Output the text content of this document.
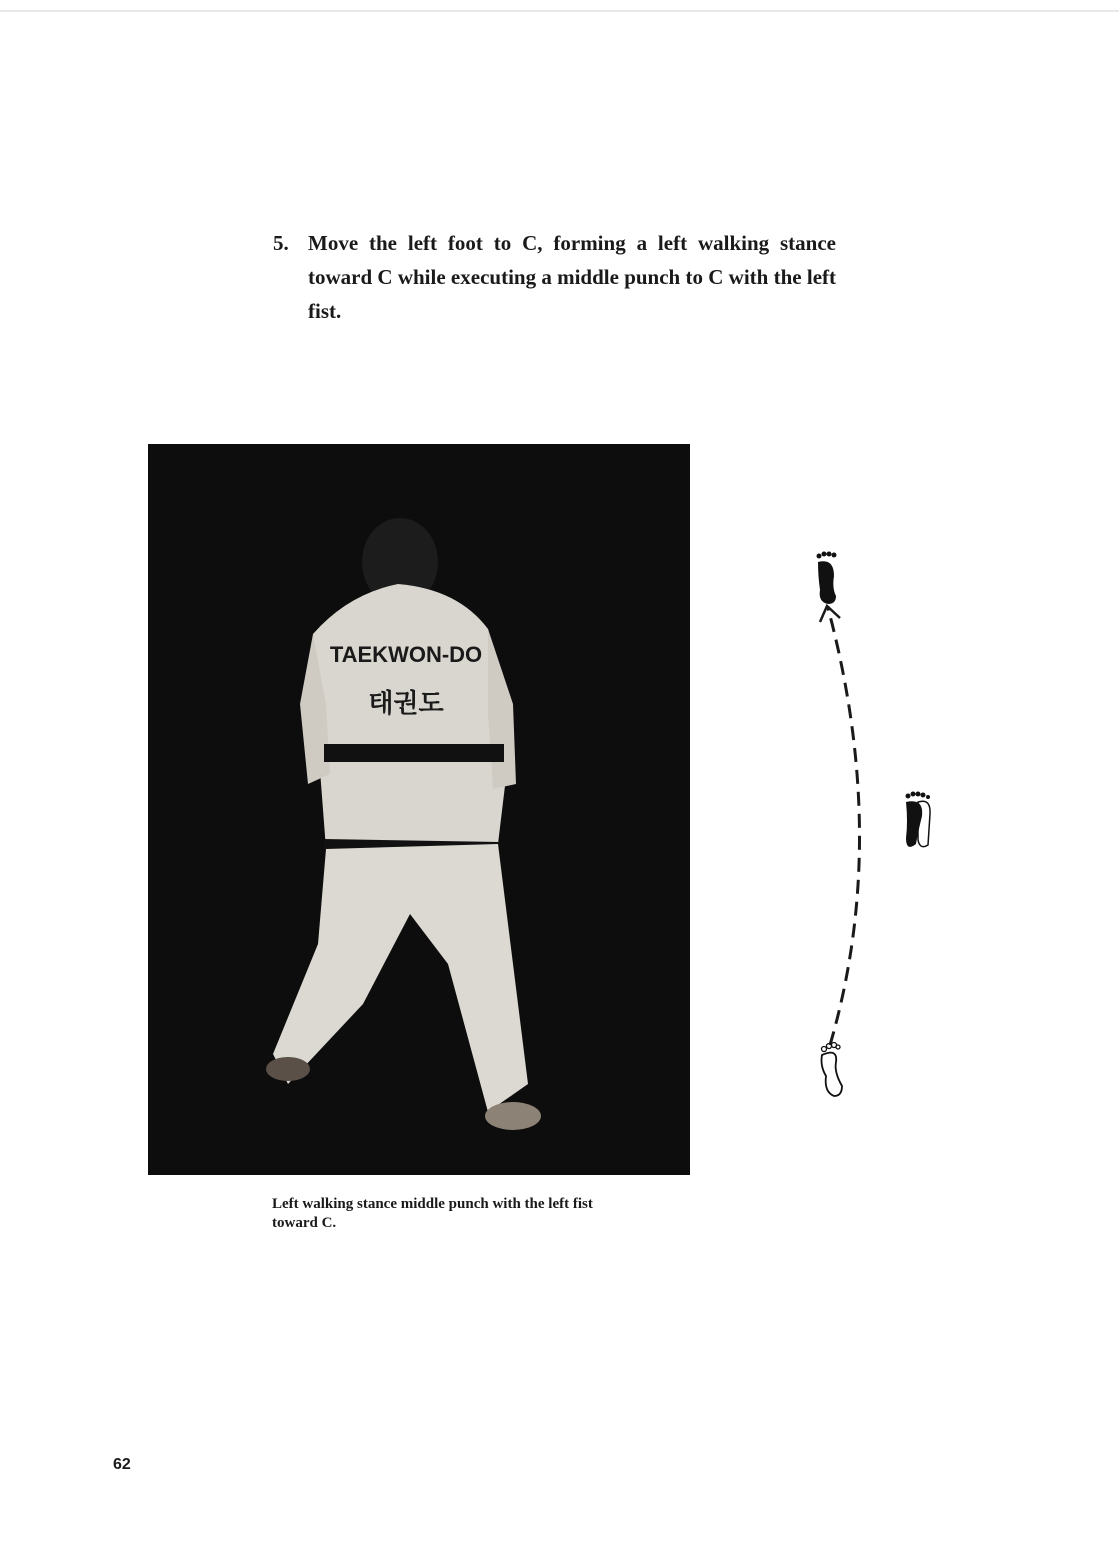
5. Move the left foot to C, forming a left walking stance toward C while executing a middle punch to C with the left fist.
TAEKWON-DO
태권도
Left walking stance middle punch with the left fist toward C.
62
